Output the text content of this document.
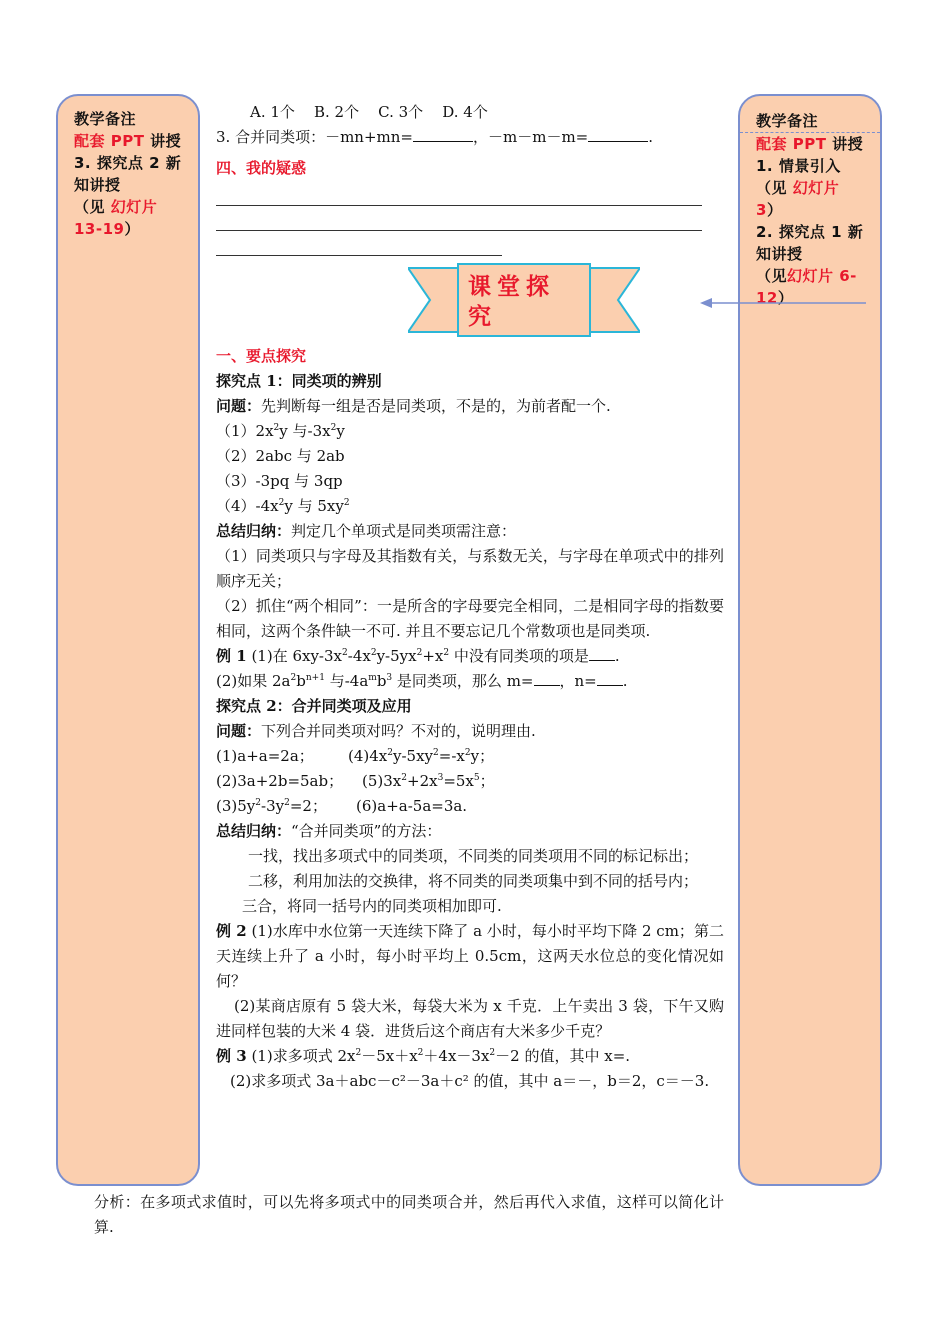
教学备注
配套 PPT 讲授
3. 探究点 2 新
知讲授
（见 幻灯片
13-19）
教学备注
配套 PPT 讲授
1. 情景引入
（见 幻灯片
3）
2. 探究点 1 新
知讲授
（见幻灯片 6-
12）
课堂探究
A. 1个    B. 2个    C. 3个    D. 4个
3. 合并同类项：－mn+mn=	，－m－m－m=	.
四、我的疑惑
一、要点探究
探究点 1：同类项的辨别
问题：先判断每一组是否是同类项，不是的，为前者配一个.
$(1)2x^2y$ 与$-3x^2y$
（2）2abc 与 2ab
（3）-3pq 与 3qp
$(4)-4x^2y$ 与 $5xy^2$
总结归纳：判定几个单项式是同类项需注意：
（1）同类项只与字母及其指数有关，与系数无关，与字母在单项式中的排列顺序无关；
（2）抓住“两个相同”：一是所含的字母要完全相同，二是相同字母的指数要相同，这两个条件缺一不可. 并且不要忘记几个常数项也是同类项.
例 1 (1)在 $6xy-3x^2-4x^2y-5yx^2+x^2$ 中没有同类项的项是 .
(2)如果 $2a^2b^{n+1}$ 与$-4a^mb^3$ 是同类项，那么 m= ，n= .
探究点 2：合并同类项及应用
问题：下列合并同类项对吗？不对的，说明理由.
(1)a+a=2a； $(4)4x^2y-5xy^2=-x^2y$；
(2)3a+2b=5ab； $(5)3x^2+2x^3=5x^5$；
$(3)5y^2-3y^2=2$； (6)a+a-5a=3a.
总结归纳：“合并同类项”的方法：
一找，找出多项式中的同类项，不同类的同类项用不同的标记标出；
二移，利用加法的交换律，将不同类的同类项集中到不同的括号内；
三合，将同一括号内的同类项相加即可.
例 2 (1)水库中水位第一天连续下降了 a 小时，每小时平均下降 2 cm；第二天连续上升了 a 小时，每小时平均上 0.5cm，这两天水位总的变化情况如何？
(2)某商店原有 5 袋大米，每袋大米为 x 千克．上午卖出 3 袋，下午又购进同样包装的大米 4 袋．进货后这个商店有大米多少千克？
例 3 (1)求多项式 $2x^2-5x+x^2+4x-3x^2-2$ 的值，其中 x=.
(2)求多项式 3a＋abc－c²－3a＋c² 的值，其中 a＝－，b＝2，c＝－3.
分析：在多项式求值时，可以先将多项式中的同类项合并，然后再代入求值，这样可以简化计算.
